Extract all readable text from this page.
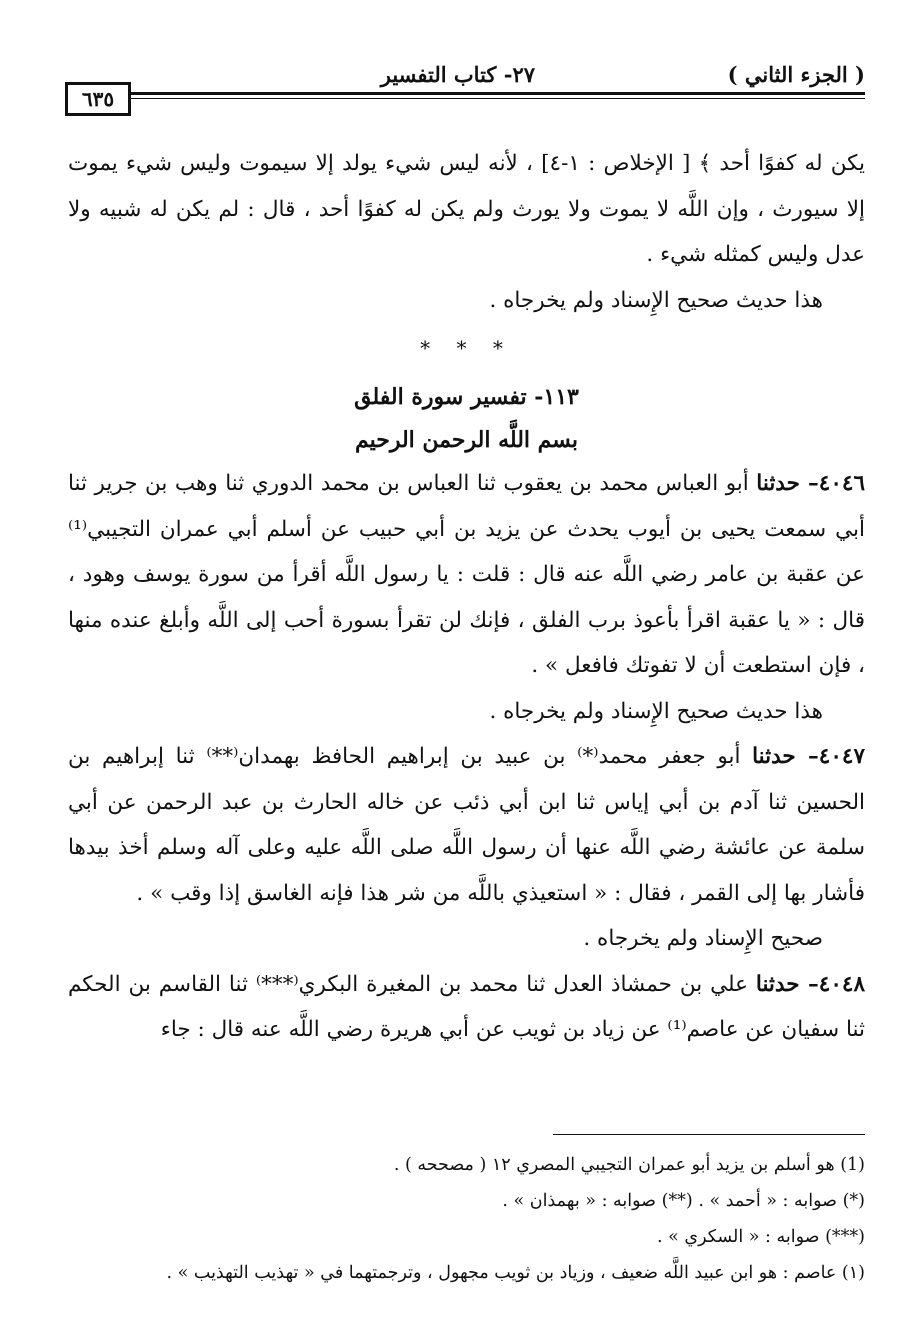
( الجزء الثاني )
٢٧- كتاب التفسير
٦٣٥

يكن له كفوًا أحد ﴾ [ الإخلاص : ١-٤] ، لأنه ليس شيء يولد إلا سيموت وليس شيء يموت إلا سيورث ، وإن اللَّه لا يموت ولا يورث ولم يكن له كفوًا أحد ، قال : لم يكن له شبيه ولا عدل وليس كمثله شيء .

هذا حديث صحيح الإِسناد ولم يخرجاه .

* * *
١١٣- تفسير سورة الفلق
بسم اللَّه الرحمن الرحيم

٤٠٤٦– حدثنا أبو العباس محمد بن يعقوب ثنا العباس بن محمد الدوري ثنا وهب بن جرير ثنا أبي سمعت يحيى بن أيوب يحدث عن يزيد بن أبي حبيب عن أسلم أبي عمران التجيبي⁽¹⁾ عن عقبة بن عامر رضي اللَّه عنه قال : قلت : يا رسول اللَّه أقرأ من سورة يوسف وهود ، قال : « يا عقبة اقرأ بأعوذ برب الفلق ، فإنك لن تقرأ بسورة أحب إلى اللَّه وأبلغ عنده منها ، فإن استطعت أن لا تفوتك فافعل » .

هذا حديث صحيح الإِسناد ولم يخرجاه .

٤٠٤٧– حدثنا أبو جعفر محمد⁽*⁾ بن عبيد بن إبراهيم الحافظ بهمدان⁽**⁾ ثنا إبراهيم بن الحسين ثنا آدم بن أبي إياس ثنا ابن أبي ذئب عن خاله الحارث بن عبد الرحمن عن أبي سلمة عن عائشة رضي اللَّه عنها أن رسول اللَّه صلى اللَّه عليه وعلى آله وسلم أخذ بيدها فأشار بها إلى القمر ، فقال : « استعيذي باللَّه من شر هذا فإنه الغاسق إذا وقب » .

صحيح الإِسناد ولم يخرجاه .

٤٠٤٨– حدثنا علي بن حمشاذ العدل ثنا محمد بن المغيرة البكري⁽***⁾ ثنا القاسم بن الحكم ثنا سفيان عن عاصم⁽¹⁾ عن زياد بن ثويب عن أبي هريرة رضي اللَّه عنه قال : جاء

(1) هو أسلم بن يزيد أبو عمران التجيبي المصري ١٢ ( مصححه ) .
(*) صوابه : « أحمد » . (**) صوابه : « بهمذان » .
(***) صوابه : « السكري » .
(١) عاصم : هو ابن عبيد اللَّه ضعيف ، وزياد بن ثويب مجهول ، وترجمتهما في « تهذيب التهذيب » .
